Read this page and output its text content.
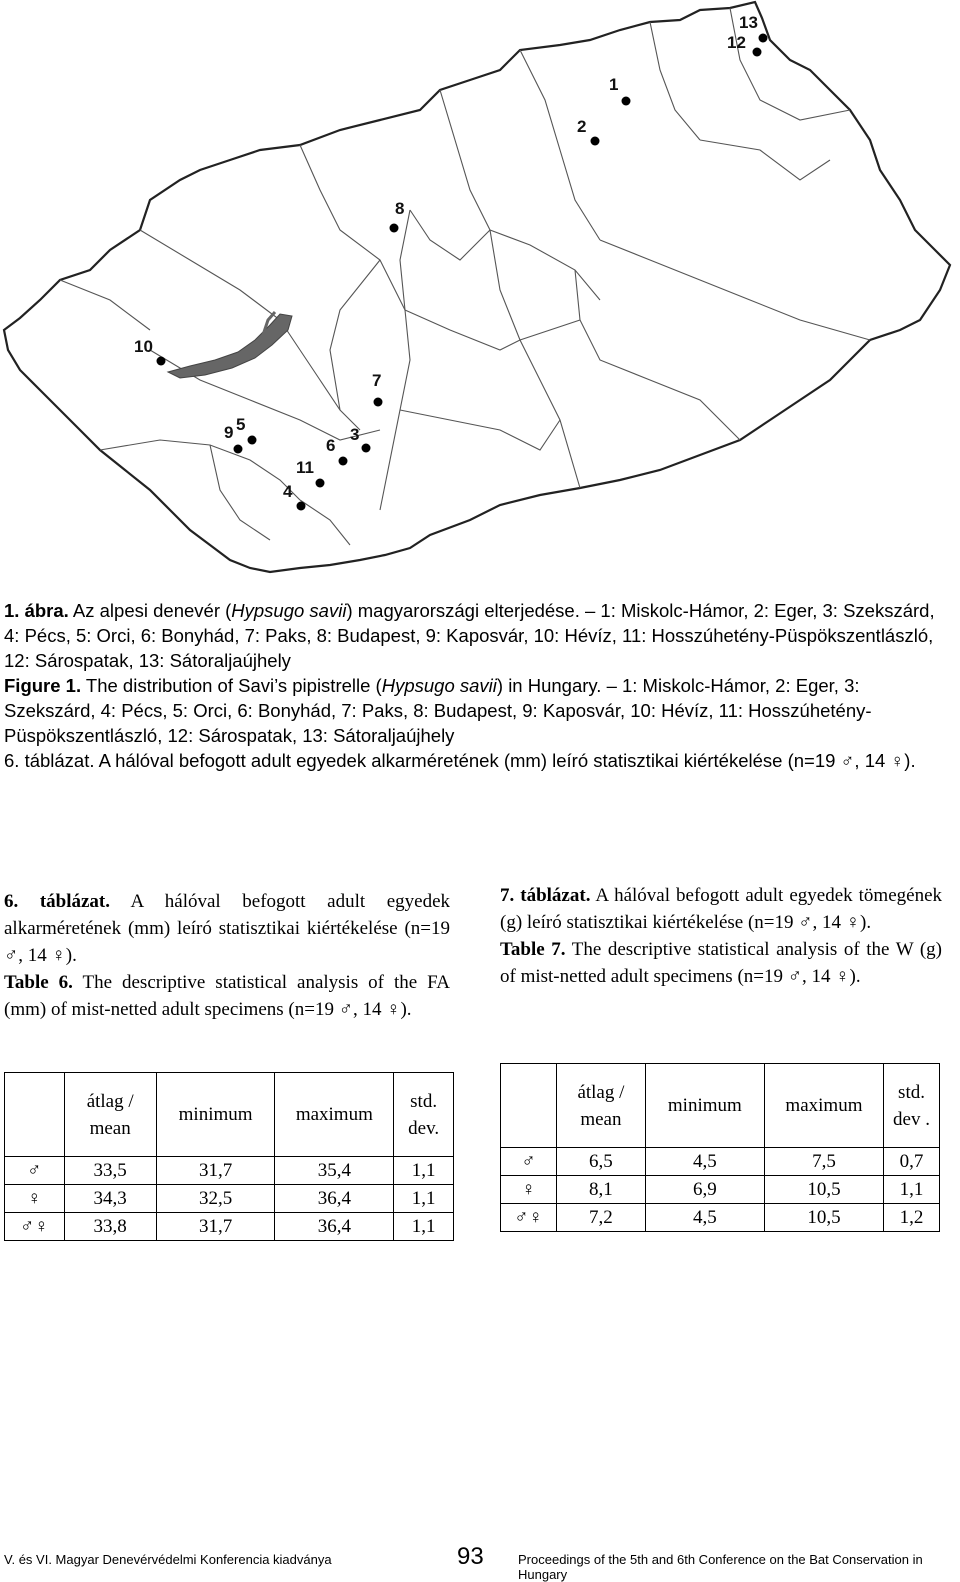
1
2
3
4
5
6
7
8
9
10
11
12
13

1. ábra. Az alpesi denevér (Hypsugo savii) magyarországi elterjedése. – 1: Miskolc-Hámor, 2: Eger, 3: Szekszárd, 4: Pécs, 5: Orci, 6: Bonyhád, 7: Paks, 8: Budapest, 9: Kaposvár, 10: Hévíz, 11: Hosszúhetény-Püspökszentlászló, 12: Sárospatak, 13: Sátoraljaújhely

Figure 1. The distribution of Savi’s pipistrelle (Hypsugo savii) in Hungary. – 1: Miskolc-Hámor, 2: Eger, 3: Szekszárd, 4: Pécs, 5: Orci, 6: Bonyhád, 7: Paks, 8: Budapest, 9: Kaposvár, 10: Hévíz, 11: Hosszúhetény-Püspökszentlászló, 12: Sárospatak, 13: Sátoraljaújhely

6. táblázat. A hálóval befogott adult egyedek alkarméretének (mm) leíró statisztikai kiértékelése (n=19 ♂, 14 ♀).

6. táblázat. A hálóval befogott adult egyedek alkarméretének (mm) leíró statisztikai kiértékelése (n=19 ♂, 14 ♀).

Table 6. The descriptive statistical analysis of the FA (mm) of mist-netted adult specimens (n=19 ♂, 14 ♀).

7. táblázat. A hálóval befogott adult egyedek tömegének (g) leíró statisztikai kiértékelése (n=19 ♂, 14 ♀).

Table 7. The descriptive statistical analysis of the W (g) of mist-netted adult specimens (n=19 ♂, 14 ♀).

	átlag / mean	minimum	maximum	std. dev.
♂	33,5	31,7	35,4	1,1
♀	34,3	32,5	36,4	1,1
♂♀	33,8	31,7	36,4	1,1
	átlag / mean	minimum	maximum	std. dev .
♂	6,5	4,5	7,5	0,7
♀	8,1	6,9	10,5	1,1
♂♀	7,2	4,5	10,5	1,2
V. és VI. Magyar Denevérvédelmi Konferencia kiadványa	93	Proceedings of the 5th and 6th Conference on the Bat Conservation in Hungary
